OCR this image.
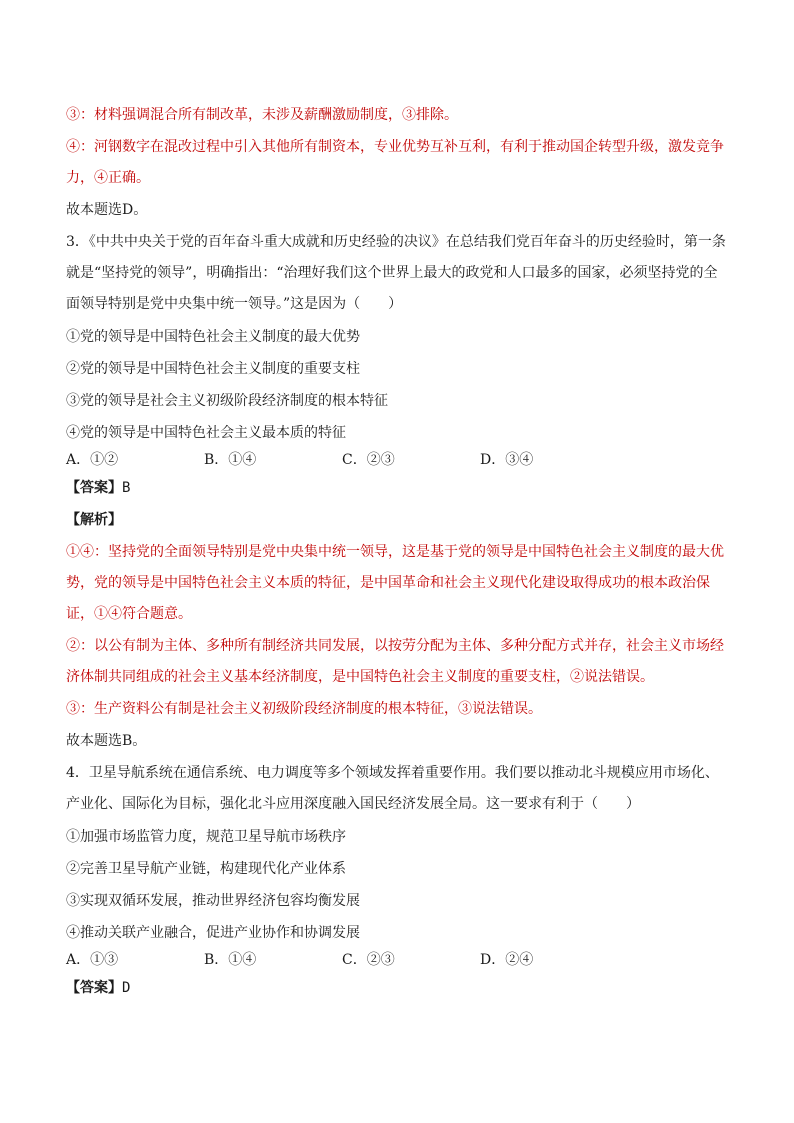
③：材料强调混合所有制改革，未涉及薪酬激励制度，③排除。

④：河钢数字在混改过程中引入其他所有制资本，专业优势互补互利，有利于推动国企转型升级，激发竞争力，④正确。

故本题选D。

3．《中共中央关于党的百年奋斗重大成就和历史经验的决议》在总结我们党百年奋斗的历史经验时，第一条就是“坚持党的领导”，明确指出：“治理好我们这个世界上最大的政党和人口最多的国家，必须坚持党的全面领导特别是党中央集中统一领导。”这是因为（　　）

①党的领导是中国特色社会主义制度的最大优势

②党的领导是中国特色社会主义制度的重要支柱

③党的领导是社会主义初级阶段经济制度的根本特征

④党的领导是中国特色社会主义最本质的特征

A．①②	B．①④	C．②③	D．③④

【答案】B

【解析】

①④：坚持党的全面领导特别是党中央集中统一领导，这是基于党的领导是中国特色社会主义制度的最大优势，党的领导是中国特色社会主义本质的特征，是中国革命和社会主义现代化建设取得成功的根本政治保证，①④符合题意。

②：以公有制为主体、多种所有制经济共同发展，以按劳分配为主体、多种分配方式并存，社会主义市场经济体制共同组成的社会主义基本经济制度，是中国特色社会主义制度的重要支柱，②说法错误。

③：生产资料公有制是社会主义初级阶段经济制度的根本特征，③说法错误。

故本题选B。

4．卫星导航系统在通信系统、电力调度等多个领域发挥着重要作用。我们要以推动北斗规模应用市场化、产业化、国际化为目标，强化北斗应用深度融入国民经济发展全局。这一要求有利于（　　）

①加强市场监管力度，规范卫星导航市场秩序

②完善卫星导航产业链，构建现代化产业体系

③实现双循环发展，推动世界经济包容均衡发展

④推动关联产业融合，促进产业协作和协调发展

A．①③	B．①④	C．②③	D．②④

【答案】D
